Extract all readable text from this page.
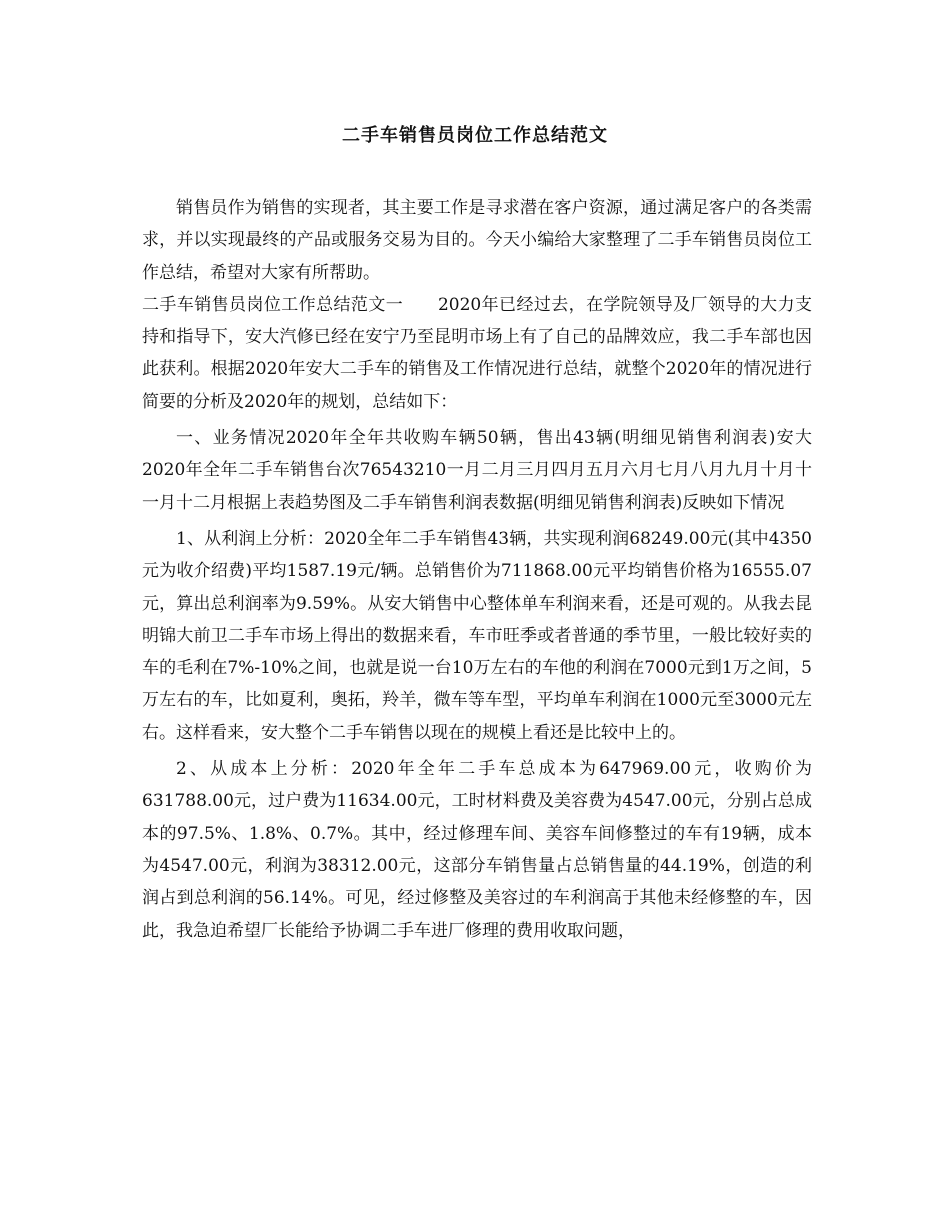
二手车销售员岗位工作总结范文

销售员作为销售的实现者，其主要工作是寻求潜在客户资源，通过满足客户的各类需求，并以实现最终的产品或服务交易为目的。今天小编给大家整理了二手车销售员岗位工作总结，希望对大家有所帮助。

二手车销售员岗位工作总结范文一　　2020年已经过去，在学院领导及厂领导的大力支持和指导下，安大汽修已经在安宁乃至昆明市场上有了自己的品牌效应，我二手车部也因此获利。根据2020年安大二手车的销售及工作情况进行总结，就整个2020年的情况进行简要的分析及2020年的规划，总结如下：

一、业务情况2020年全年共收购车辆50辆，售出43辆(明细见销售利润表)安大2020年全年二手车销售台次76543210一月二月三月四月五月六月七月八月九月十月十一月十二月根据上表趋势图及二手车销售利润表数据(明细见销售利润表)反映如下情况

1、从利润上分析：2020全年二手车销售43辆，共实现利润68249.00元(其中4350元为收介绍费)平均1587.19元/辆。总销售价为711868.00元平均销售价格为16555.07元，算出总利润率为9.59%。从安大销售中心整体单车利润来看，还是可观的。从我去昆明锦大前卫二手车市场上得出的数据来看，车市旺季或者普通的季节里，一般比较好卖的车的毛利在7%-10%之间，也就是说一台10万左右的车他的利润在7000元到1万之间，5万左右的车，比如夏利，奥拓，羚羊，微车等车型，平均单车利润在1000元至3000元左右。这样看来，安大整个二手车销售以现在的规模上看还是比较中上的。

2、从成本上分析：2020年全年二手车总成本为647969.00元，收购价为631788.00元，过户费为11634.00元，工时材料费及美容费为4547.00元，分别占总成本的97.5%、1.8%、0.7%。其中，经过修理车间、美容车间修整过的车有19辆，成本为4547.00元，利润为38312.00元，这部分车销售量占总销售量的44.19%，创造的利润占到总利润的56.14%。可见，经过修整及美容过的车利润高于其他未经修整的车，因此，我急迫希望厂长能给予协调二手车进厂修理的费用收取问题，
